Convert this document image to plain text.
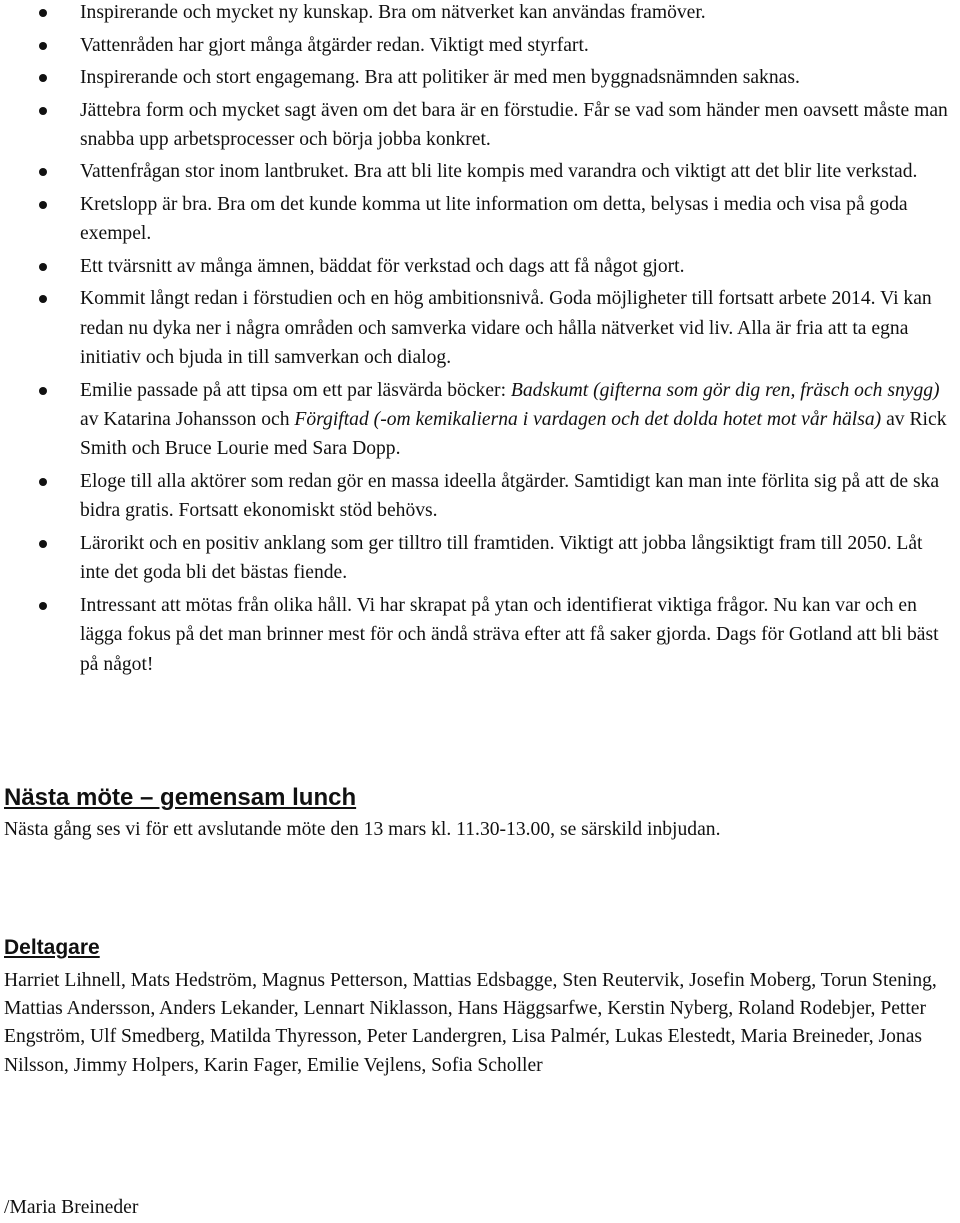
Inspirerande och mycket ny kunskap. Bra om nätverket kan användas framöver.
Vattenråden har gjort många åtgärder redan. Viktigt med styrfart.
Inspirerande och stort engagemang. Bra att politiker är med men byggnadsnämnden saknas.
Jättebra form och mycket sagt även om det bara är en förstudie. Får se vad som händer men oavsett måste man snabba upp arbetsprocesser och börja jobba konkret.
Vattenfrågan stor inom lantbruket. Bra att bli lite kompis med varandra och viktigt att det blir lite verkstad.
Kretslopp är bra. Bra om det kunde komma ut lite information om detta, belysas i media och visa på goda exempel.
Ett tvärsnitt av många ämnen, bäddat för verkstad och dags att få något gjort.
Kommit långt redan i förstudien och en hög ambitionsnivå. Goda möjligheter till fortsatt arbete 2014. Vi kan redan nu dyka ner i några områden och samverka vidare och hålla nätverket vid liv. Alla är fria att ta egna initiativ och bjuda in till samverkan och dialog.
Emilie passade på att tipsa om ett par läsvärda böcker: Badskumt (gifterna som gör dig ren, fräsch och snygg) av Katarina Johansson och Förgiftad (-om kemikalierna i vardagen och det dolda hotet mot vår hälsa) av Rick Smith och Bruce Lourie med Sara Dopp.
Eloge till alla aktörer som redan gör en massa ideella åtgärder. Samtidigt kan man inte förlita sig på att de ska bidra gratis. Fortsatt ekonomiskt stöd behövs.
Lärorikt och en positiv anklang som ger tilltro till framtiden. Viktigt att jobba långsiktigt fram till 2050. Låt inte det goda bli det bästas fiende.
Intressant att mötas från olika håll. Vi har skrapat på ytan och identifierat viktiga frågor. Nu kan var och en lägga fokus på det man brinner mest för och ändå sträva efter att få saker gjorda. Dags för Gotland att bli bäst på något!
Nästa möte – gemensam lunch
Nästa gång ses vi för ett avslutande möte den 13 mars kl. 11.30-13.00, se särskild inbjudan.
Deltagare
Harriet Lihnell, Mats Hedström, Magnus Petterson, Mattias Edsbagge, Sten Reutervik, Josefin Moberg, Torun Stening, Mattias Andersson, Anders Lekander, Lennart Niklasson, Hans Häggsarfwe, Kerstin Nyberg, Roland Rodebjer, Petter Engström, Ulf Smedberg, Matilda Thyresson, Peter Landergren, Lisa Palmér, Lukas Elestedt, Maria Breineder, Jonas Nilsson, Jimmy Holpers, Karin Fager, Emilie Vejlens, Sofia Scholler
/Maria Breineder
